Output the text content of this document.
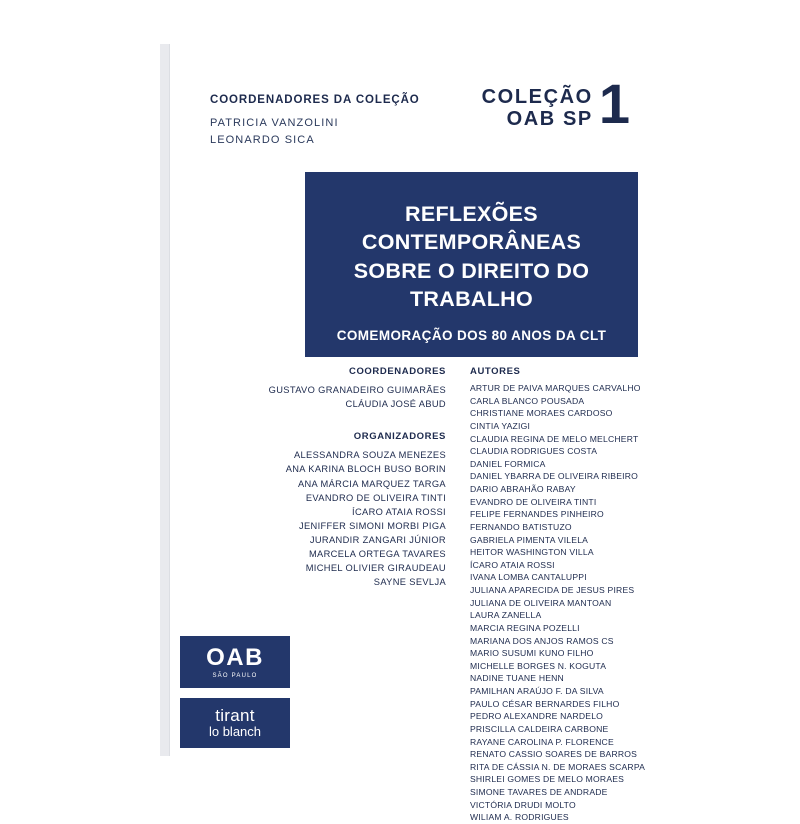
COORDENADORES DA COLEÇÃO
PATRICIA VANZOLINI
LEONARDO SICA
COLEÇÃO
OAB SP 1
REFLEXÕES CONTEMPORÂNEAS SOBRE O DIREITO DO TRABALHO
COMEMORAÇÃO DOS 80 ANOS DA CLT
COORDENADORES
GUSTAVO GRANADEIRO GUIMARÃES
CLÁUDIA JOSÉ ABUD
ORGANIZADORES
ALESSANDRA SOUZA MENEZES
ANA KARINA BLOCH BUSO BORIN
ANA MÁRCIA MARQUEZ TARGA
EVANDRO DE OLIVEIRA TINTI
ÍCARO ATAIA ROSSI
JENIFFER SIMONI MORBI PIGA
JURANDIR ZANGARI JÚNIOR
MARCELA ORTEGA TAVARES
MICHEL OLIVIER GIRAUDEAU
SAYNE SEVLJA
AUTORES
ARTUR DE PAIVA MARQUES CARVALHO
CARLA BLANCO POUSADA
CHRISTIANE MORAES CARDOSO
CINTIA YAZIGI
CLAUDIA REGINA DE MELO MELCHERT
CLAUDIA RODRIGUES COSTA
DANIEL FORMICA
DANIEL YBARRA DE OLIVEIRA RIBEIRO
DARIO ABRAHÃO RABAY
EVANDRO DE OLIVEIRA TINTI
FELIPE FERNANDES PINHEIRO
FERNANDO BATISTUZO
GABRIELA PIMENTA VILELA
HEITOR WASHINGTON VILLA
ÍCARO ATAIA ROSSI
IVANA LOMBA CANTALUPPI
JULIANA APARECIDA DE JESUS PIRES
JULIANA DE OLIVEIRA MANTOAN
LAURA ZANELLA
MARCIA REGINA POZELLI
MARIANA DOS ANJOS RAMOS CS
MARIO SUSUMI KUNO FILHO
MICHELLE BORGES N. KOGUTA
NADINE TUANE HENN
PAMILHAN ARAÚJO F. DA SILVA
PAULO CÉSAR BERNARDES FILHO
PEDRO ALEXANDRE NARDELO
PRISCILLA CALDEIRA CARBONE
RAYANE CAROLINA P. FLORENCE
RENATO CASSIO SOARES DE BARROS
RITA DE CÁSSIA N. DE MORAES SCARPA
SHIRLEI GOMES DE MELO MORAES
SIMONE TAVARES DE ANDRADE
VICTÓRIA DRUDI MOLTO
WILIAM A. RODRIGUES
OAB
SÃO PAULO
tirant
lo blanch
